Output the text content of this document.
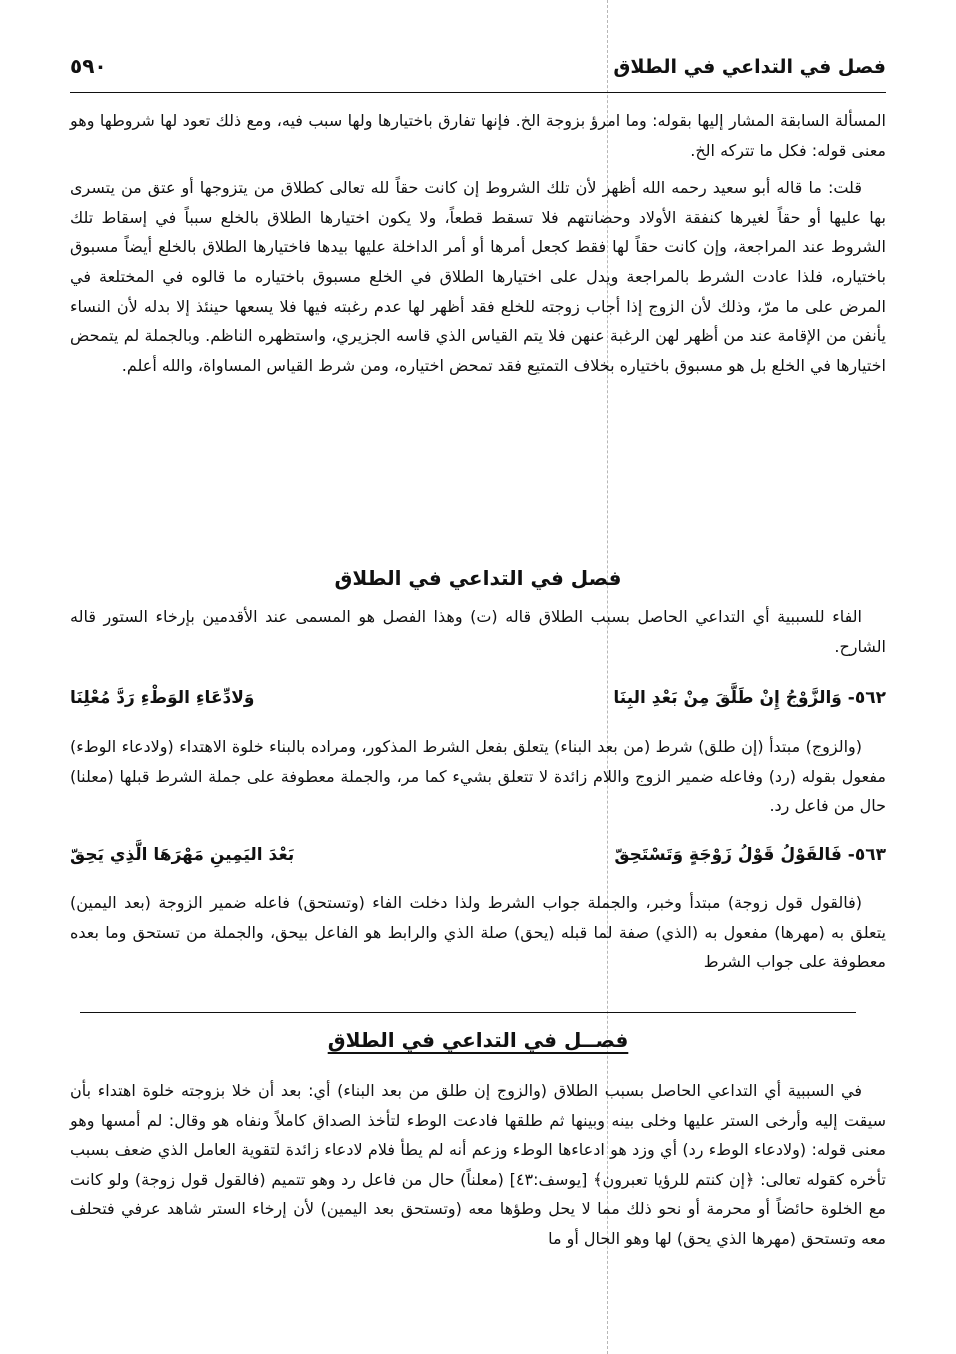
فصل في التداعي في الطلاق
٥٩٠

المسألة السابقة المشار إليها بقوله: وما امرؤ بزوجة الخ. فإنها تفارق باختيارها ولها سبب فيه، ومع ذلك تعود لها شروطها وهو معنى قوله: فكل ما تتركه الخ.

قلت: ما قاله أبو سعيد رحمه الله أظهر لأن تلك الشروط إن كانت حقاً لله تعالى كطلاق من يتزوجها أو عتق من يتسرى بها عليها أو حقاً لغيرها كنفقة الأولاد وحضانتهم فلا تسقط قطعاً، ولا يكون اختيارها الطلاق بالخلع سبباً في إسقاط تلك الشروط عند المراجعة، وإن كانت حقاً لها فقط كجعل أمرها أو أمر الداخلة عليها بيدها فاختيارها الطلاق بالخلع أيضاً مسبوق باختياره، فلذا عادت الشرط بالمراجعة ويدل على اختيارها الطلاق في الخلع مسبوق باختياره ما قالوه في المختلعة في المرض على ما مرّ، وذلك لأن الزوج إذا أجاب زوجته للخلع فقد أظهر لها عدم رغبته فيها فلا يسعها حينئذ إلا بدله لأن النساء يأنفن من الإقامة عند من أظهر لهن الرغبة عنهن فلا يتم القياس الذي قاسه الجزيري، واستظهره الناظم. وبالجملة لم يتمحض اختيارها في الخلع بل هو مسبوق باختياره بخلاف التمتيع فقد تمحض اختياره، ومن شرط القياس المساواة، والله أعلم.

فصل في التداعي في الطلاق

الفاء للسببية أي التداعي الحاصل بسبب الطلاق قاله (ت) وهذا الفصل هو المسمى عند الأقدمين بإرخاء الستور قاله الشارح.

٥٦٢- وَالزَّوْجُ إِنْ طَلَّقَ مِنْ بَعْدِ البِنَا
وَلادِّعَاءِ الوَطْءِ رَدَّ مُعْلِنَا

(والزوج) مبتدأ (إن طلق) شرط (من بعد البناء) يتعلق بفعل الشرط المذكور، ومراده بالبناء خلوة الاهتداء (ولادعاء الوطء) مفعول بقوله (رد) وفاعله ضمير الزوج واللام زائدة لا تتعلق بشيء كما مر، والجملة معطوفة على جملة الشرط قبلها (معلنا) حال من فاعل رد.

٥٦٣- فَالقَوْلُ قَوْلُ زَوْجَةٍ وَتَسْتَحِقّ
بَعْدَ اليَمِينِ مَهْرَهَا الَّذِي يَحِقّ

(فالقول قول زوجة) مبتدأ وخبر، والجملة جواب الشرط ولذا دخلت الفاء (وتستحق) فاعله ضمير الزوجة (بعد اليمين) يتعلق به (مهرها) مفعول به (الذي) صفة لما قبله (يحق) صلة الذي والرابط هو الفاعل بيحق، والجملة من تستحق وما بعده معطوفة على جواب الشرط

فصــل في التداعي في الطلاق

في السببية أي التداعي الحاصل بسبب الطلاق (والزوج إن طلق من بعد البناء) أي: بعد أن خلا بزوجته خلوة اهتداء بأن سيقت إليه وأرخى الستر عليها وخلى بينه وبينها ثم طلقها فادعت الوطء لتأخذ الصداق كاملاً ونفاه هو وقال: لم أمسها وهو معنى قوله: (ولادعاء الوطء رد) أي وزد هو ادعاءها الوطء وزعم أنه لم يطأ فلام لادعاء زائدة لتقوية العامل الذي ضعف بسبب تأخره كقوله تعالى: ﴿إن كنتم للرؤيا تعبرون﴾ [يوسف:٤٣] (معلناً) حال من فاعل رد وهو تتميم (فالقول قول زوجة) ولو كانت مع الخلوة حائضاً أو محرمة أو نحو ذلك مما لا يحل وطؤها معه (وتستحق بعد اليمين) لأن إرخاء الستر شاهد عرفي فتحلف معه وتستحق (مهرها الذي يحق) لها وهو الحال أو ما
